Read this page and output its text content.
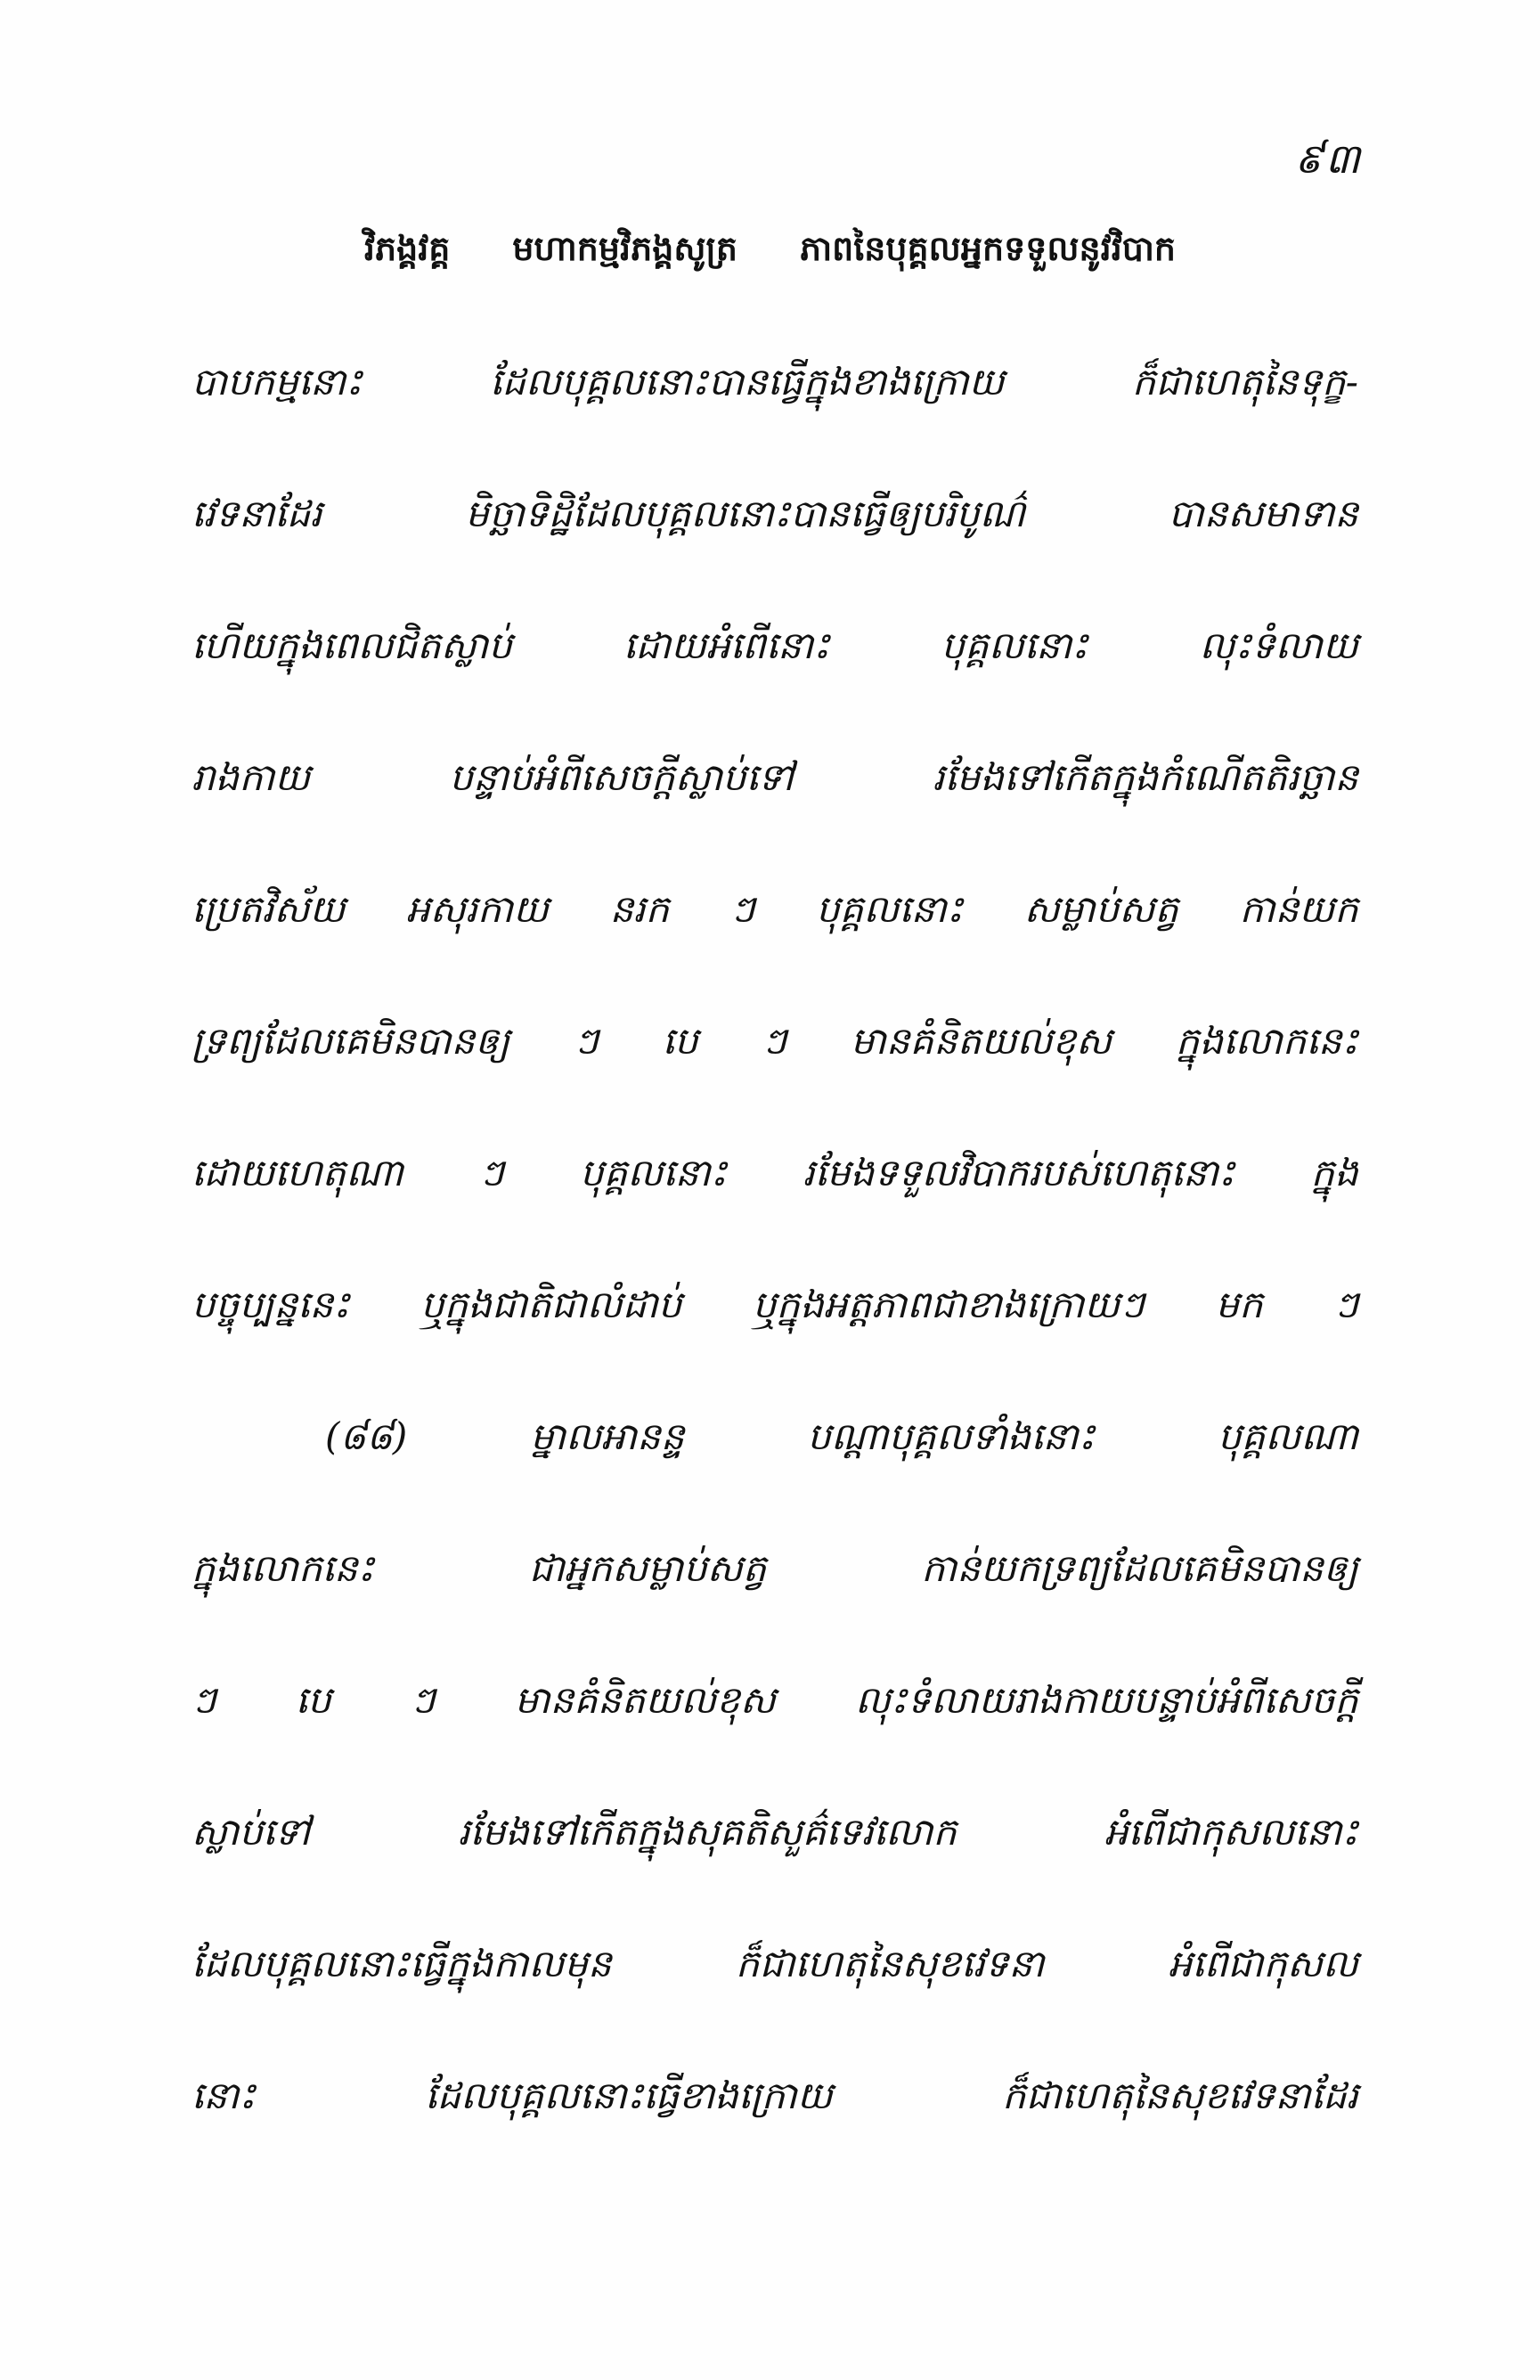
៩៣
វិភង្គវគ្គ មហាកម្មវិភង្គសូត្រ ភាពនៃបុគ្គលអ្នកទទួលនូវវិបាក
បាបកម្មនោះ	ដែលបុគ្គលនោះបានធ្វើក្នុងខាងក្រោយ	ក៏ជាហេតុនៃទុក្ខ-
វេទនាដែរ	មិច្ឆាទិដ្ឋិដែលបុគ្គលនោះបានធ្វើឲ្យបរិបូណ៌	បានសមាទាន
ហើយក្នុងពេលជិតស្លាប់	ដោយអំពើនោះ	បុគ្គលនោះ	លុះទំលាយ
រាងកាយ	បន្ទាប់អំពីសេចក្តីស្លាប់ទៅ	រមែងទៅកើតក្នុងកំណើតតិរច្ឆាន
ប្រេតវិស័យ អសុរកាយ នរក ៗ បុគ្គលនោះ សម្លាប់សត្វ កាន់យក
ទ្រព្យដែលគេមិនបានឲ្យ ៗ បេ ៗ មានគំនិតយល់ខុស ក្នុងលោកនេះ
ដោយហេតុណា ៗ បុគ្គលនោះ រមែងទទួលវិបាករបស់ហេតុនោះ ក្នុង
បច្ចុប្បន្ននេះ ឬក្នុងជាតិជាលំដាប់ ឬក្នុងអត្តភាពជាខាងក្រោយៗ មក ៗ
(៨៨)	ម្នាលអានន្ទ	បណ្តាបុគ្គលទាំងនោះ	បុគ្គលណា
ក្នុងលោកនេះ	ជាអ្នកសម្លាប់សត្វ	កាន់យកទ្រព្យដែលគេមិនបានឲ្យ
ៗ បេ ៗ មានគំនិតយល់ខុស លុះទំលាយរាងកាយបន្ទាប់អំពីសេចក្តី
ស្លាប់ទៅ	រមែងទៅកើតក្នុងសុគតិសួគ៌ទេវលោក	អំពើជាកុសលនោះ
ដែលបុគ្គលនោះធ្វើក្នុងកាលមុន	ក៏ជាហេតុនៃសុខវេទនា	អំពើជាកុសល
នោះ	ដែលបុគ្គលនោះធ្វើខាងក្រោយ	ក៏ជាហេតុនៃសុខវេទនាដែរ
